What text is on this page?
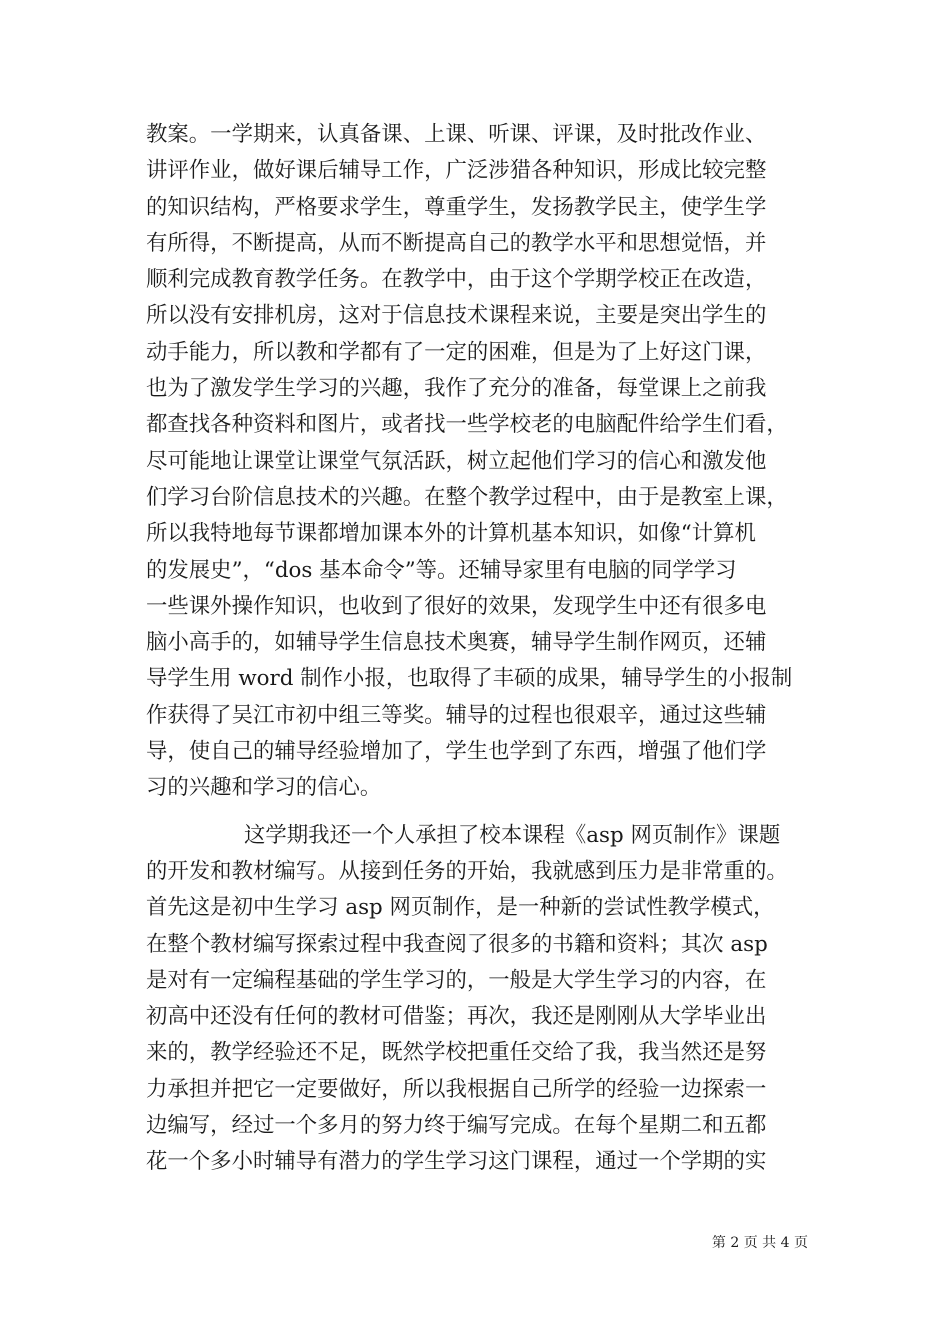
教案。一学期来，认真备课、上课、听课、评课，及时批改作业、
讲评作业，做好课后辅导工作，广泛涉猎各种知识，形成比较完整
的知识结构，严格要求学生，尊重学生，发扬教学民主，使学生学
有所得，不断提高，从而不断提高自己的教学水平和思想觉悟，并
顺利完成教育教学任务。在教学中，由于这个学期学校正在改造，
所以没有安排机房，这对于信息技术课程来说，主要是突出学生的
动手能力，所以教和学都有了一定的困难，但是为了上好这门课，
也为了激发学生学习的兴趣，我作了充分的准备，每堂课上之前我
都查找各种资料和图片，或者找一些学校老的电脑配件给学生们看，
尽可能地让课堂让课堂气氛活跃，树立起他们学习的信心和激发他
们学习台阶信息技术的兴趣。在整个教学过程中，由于是教室上课，
所以我特地每节课都增加课本外的计算机基本知识，如像“计算机
的发展史”，“dos 基本命令”等。还辅导家里有电脑的同学学习
一些课外操作知识，也收到了很好的效果，发现学生中还有很多电
脑小高手的，如辅导学生信息技术奥赛，辅导学生制作网页，还辅
导学生用 word 制作小报，也取得了丰硕的成果，辅导学生的小报制
作获得了吴江市初中组三等奖。辅导的过程也很艰辛，通过这些辅
导，使自己的辅导经验增加了，学生也学到了东西，增强了他们学
习的兴趣和学习的信心。
这学期我还一个人承担了校本课程《asp 网页制作》课题
的开发和教材编写。从接到任务的开始，我就感到压力是非常重的。
首先这是初中生学习 asp 网页制作，是一种新的尝试性教学模式，
在整个教材编写探索过程中我查阅了很多的书籍和资料；其次 asp
是对有一定编程基础的学生学习的，一般是大学生学习的内容，在
初高中还没有任何的教材可借鉴；再次，我还是刚刚从大学毕业出
来的，教学经验还不足，既然学校把重任交给了我，我当然还是努
力承担并把它一定要做好，所以我根据自己所学的经验一边探索一
边编写，经过一个多月的努力终于编写完成。在每个星期二和五都
花一个多小时辅导有潜力的学生学习这门课程，通过一个学期的实
第 2 页 共 4 页
